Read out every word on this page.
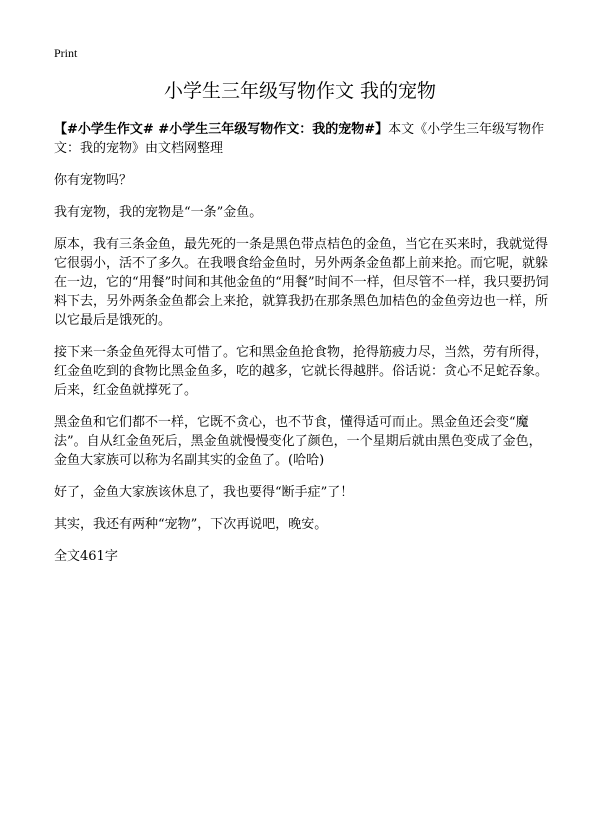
Print
小学生三年级写物作文 我的宠物

【#小学生作文# #小学生三年级写物作文：我的宠物#】本文《小学生三年级写物作文：我的宠物》由文档网整理

你有宠物吗？

我有宠物，我的宠物是“一条”金鱼。

原本，我有三条金鱼，最先死的一条是黑色带点桔色的金鱼，当它在买来时，我就觉得它很弱小，活不了多久。在我喂食给金鱼时，另外两条金鱼都上前来抢。而它呢，就躲在一边，它的“用餐”时间和其他金鱼的“用餐”时间不一样，但尽管不一样，我只要扔饲料下去，另外两条金鱼都会上来抢，就算我扔在那条黑色加桔色的金鱼旁边也一样，所以它最后是饿死的。

接下来一条金鱼死得太可惜了。它和黑金鱼抢食物，抢得筋疲力尽，当然，劳有所得，红金鱼吃到的食物比黑金鱼多，吃的越多，它就长得越胖。俗话说：贪心不足蛇吞象。后来，红金鱼就撑死了。

黑金鱼和它们都不一样，它既不贪心，也不节食，懂得适可而止。黑金鱼还会变“魔法”。自从红金鱼死后，黑金鱼就慢慢变化了颜色，一个星期后就由黑色变成了金色，金鱼大家族可以称为名副其实的金鱼了。(哈哈)

好了，金鱼大家族该休息了，我也要得“断手症”了！

其实，我还有两种“宠物”，下次再说吧，晚安。

全文461字
